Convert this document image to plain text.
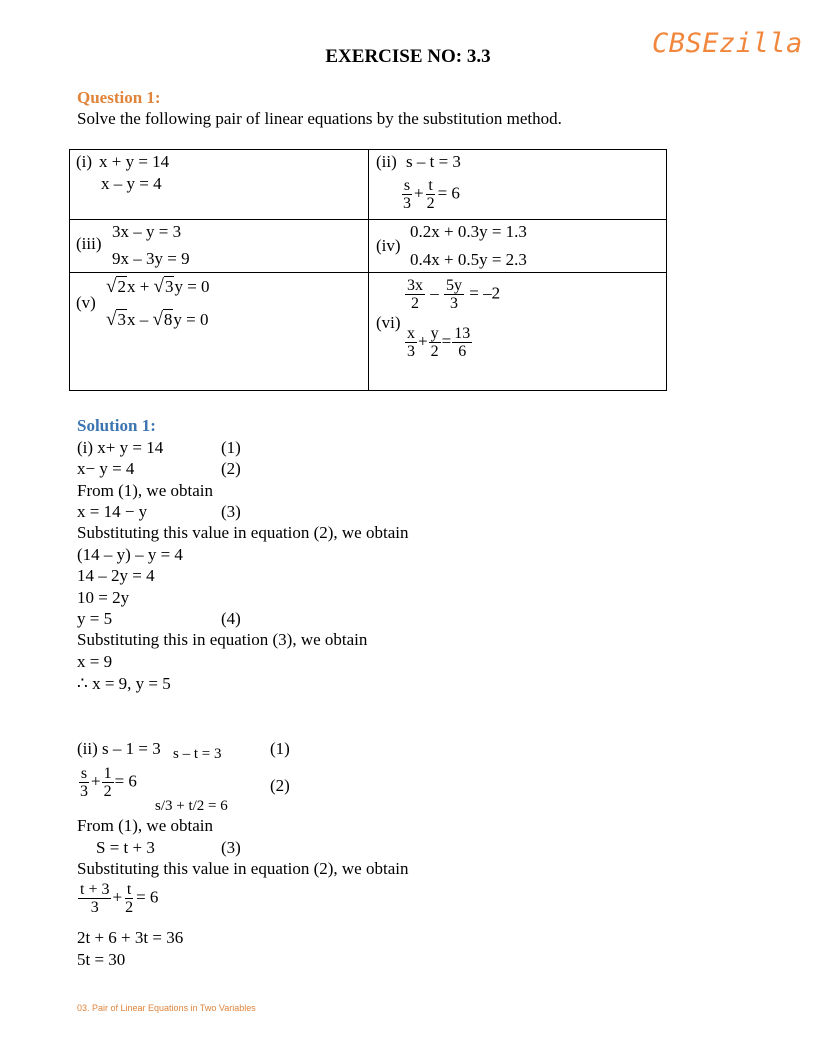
CBSEzilla
EXERCISE NO: 3.3
Question 1:
Solve the following pair of linear equations by the substitution method.
(i) x + y = 14
x – y = 4
(ii) s – t = 3
$\frac{s}{3} + \frac{t}{2} = 6$
(iii)
3x – y = 3
9x – 3y = 9
(iv)
0.2x + 0.3y = 1.3
0.4x + 0.5y = 2.3
(v)
√2x + √3y = 0
√3x – √8y = 0	(vi)
$\frac{3x}{2} - \frac{5y}{3} = -2$
$\frac{x}{3} + \frac{y}{2} = \frac{13}{6}$
Solution 1:
(i) x+ y = 14	(1)
x− y = 4	(2)
From (1), we obtain
x = 14 − y	(3)
Substituting this value in equation (2), we obtain
(14 – y) – y = 4
14 – 2y = 4
10 = 2y
y = 5	(4)
Substituting this in equation (3), we obtain
x = 9
∴ x = 9, y = 5
(ii) s – 1 = 3 s – t = 3	(1)
$\frac{s}{3} + \frac{1}{2} = 6$	(2)
s/3 + t/2 = 6
From (1), we obtain
S = t + 3	(3)
Substituting this value in equation (2), we obtain
$\frac{t + 3}{3} + \frac{t}{2} = 6$
2t + 6 + 3t = 36
5t = 30
03. Pair of Linear Equations in Two Variables
